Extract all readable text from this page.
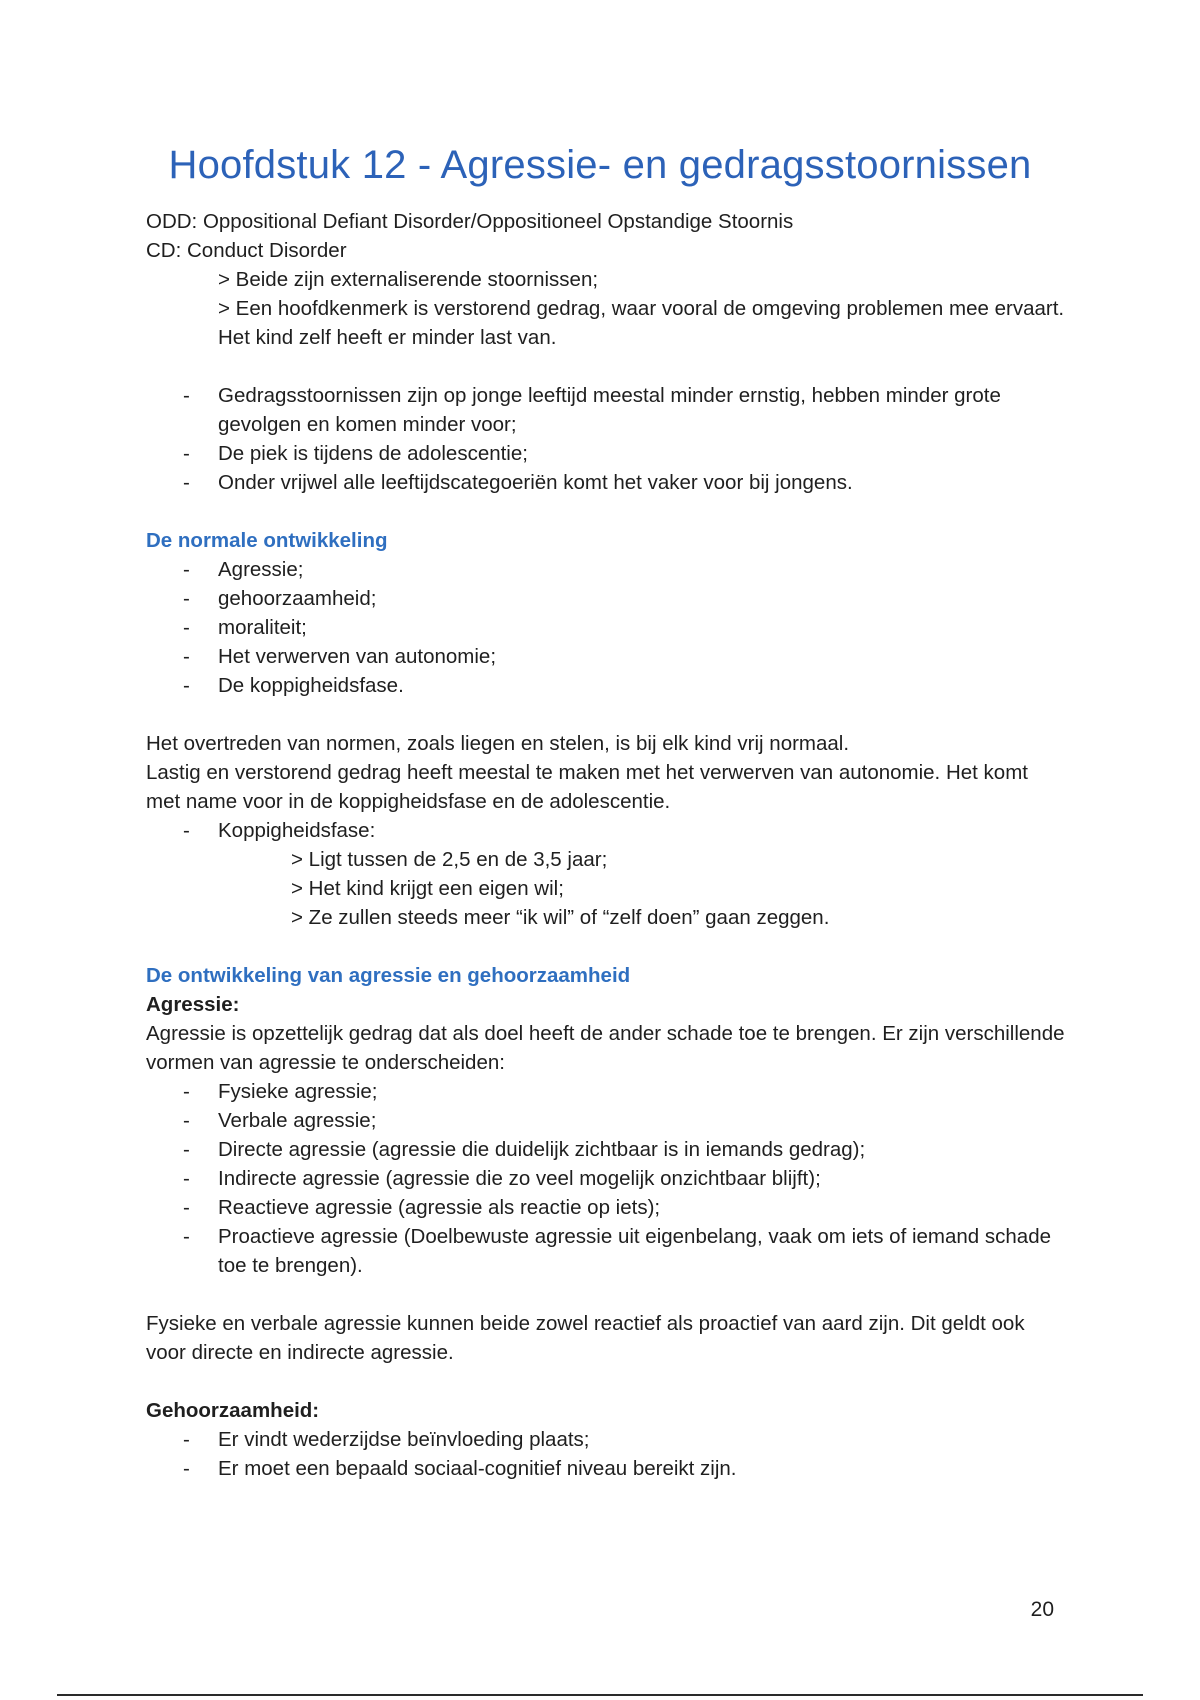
Hoofdstuk 12 - Agressie- en gedragsstoornissen

ODD: Oppositional Defiant Disorder/Oppositioneel Opstandige Stoornis

CD: Conduct Disorder

> Beide zijn externaliserende stoornissen;

> Een hoofdkenmerk is verstorend gedrag, waar vooral de omgeving problemen mee ervaart. Het kind zelf heeft er minder last van.

- Gedragsstoornissen zijn op jonge leeftijd meestal minder ernstig, hebben minder grote gevolgen en komen minder voor;
- De piek is tijdens de adolescentie;
- Onder vrijwel alle leeftijdscategoeriën komt het vaker voor bij jongens.

De normale ontwikkeling

- Agressie;
- gehoorzaamheid;
- moraliteit;
- Het verwerven van autonomie;
- De koppigheidsfase.

Het overtreden van normen, zoals liegen en stelen, is bij elk kind vrij normaal.

Lastig en verstorend gedrag heeft meestal te maken met het verwerven van autonomie. Het komt met name voor in de koppigheidsfase en de adolescentie.

- Koppigheidsfase:

> Ligt tussen de 2,5 en de 3,5 jaar;

> Het kind krijgt een eigen wil;

> Ze zullen steeds meer “ik wil” of “zelf doen” gaan zeggen.

De ontwikkeling van agressie en gehoorzaamheid

Agressie:

Agressie is opzettelijk gedrag dat als doel heeft de ander schade toe te brengen. Er zijn verschillende vormen van agressie te onderscheiden:

- Fysieke agressie;
- Verbale agressie;
- Directe agressie (agressie die duidelijk zichtbaar is in iemands gedrag);
- Indirecte agressie (agressie die zo veel mogelijk onzichtbaar blijft);
- Reactieve agressie (agressie als reactie op iets);
- Proactieve agressie (Doelbewuste agressie uit eigenbelang, vaak om iets of iemand schade toe te brengen).

Fysieke en verbale agressie kunnen beide zowel reactief als proactief van aard zijn. Dit geldt ook voor directe en indirecte agressie.

Gehoorzaamheid:

- Er vindt wederzijdse beïnvloeding plaats;
- Er moet een bepaald sociaal-cognitief niveau bereikt zijn.
20
